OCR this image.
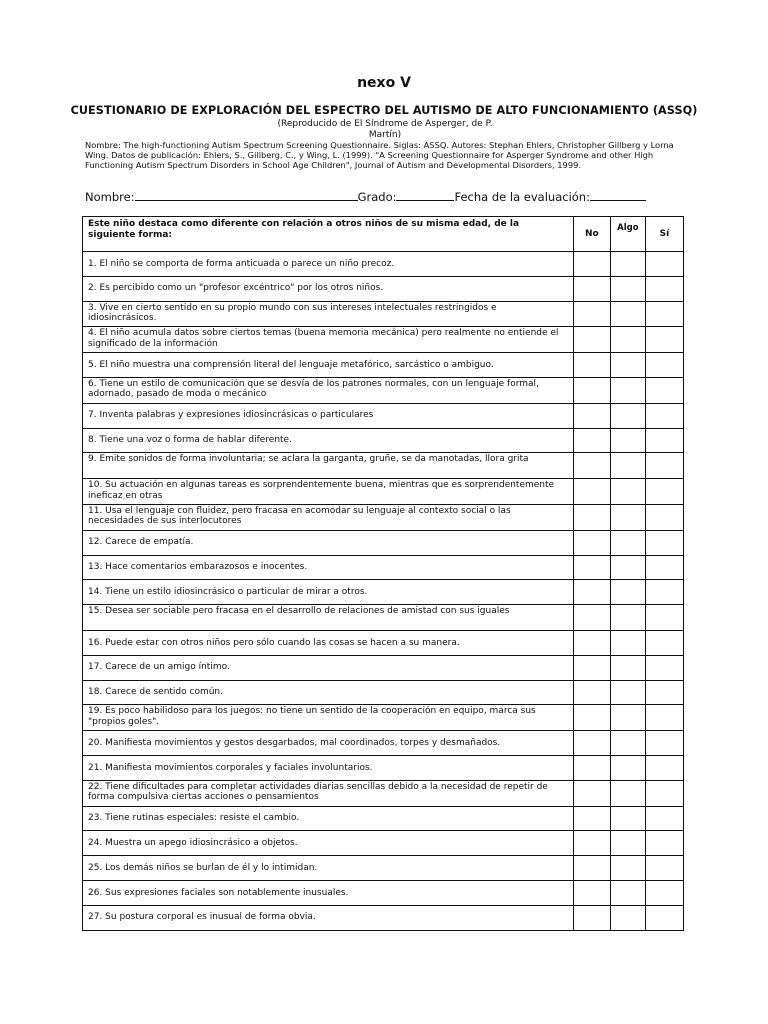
nexo V
CUESTIONARIO DE EXPLORACIÓN DEL ESPECTRO DEL AUTISMO DE ALTO FUNCIONAMIENTO (ASSQ)
(Reproducido de El Síndrome de Asperger, de P.
Martín)
Nombre: The high-functioning Autism Spectrum Screening Questionnaire. Siglas: ASSQ. Autores: Stephan Ehlers, Christopher Gillberg y Lorna Wing. Datos de publicación: Ehlers, S., Gillberg, C., y Wing, L. (1999). "A Screening Questionnaire for Asperger Syndrome and other High Functioning Autism Spectrum Disorders in School Age Children", Journal of Autism and Developmental Disorders, 1999.
Nombre:	Grado:	Fecha de la evaluación:
Este niño destaca como diferente con relación a otros niños de su misma edad, de la siguiente forma:	No	Algo	Sí
1. El niño se comporta de forma anticuada o parece un niño precoz.			
2. Es percibido como un "profesor excéntrico" por los otros niños.			
3. Vive en cierto sentido en su propio mundo con sus intereses intelectuales restringidos e idiosincrásicos.			
4. El niño acumula datos sobre ciertos temas (buena memoria mecánica) pero realmente no entiende el significado de la información			
5. El niño muestra una comprensión literal del lenguaje metafórico, sarcástico o ambiguo.			
6. Tiene un estilo de comunicación que se desvía de los patrones normales, con un lenguaje formal, adornado, pasado de moda o mecánico			
7. Inventa palabras y expresiones idiosincrásicas o particulares			
8. Tiene una voz o forma de hablar diferente.			
9. Emite sonidos de forma involuntaria; se aclara la garganta, gruñe, se da manotadas, llora grita			
10. Su actuación en algunas tareas es sorprendentemente buena, mientras que es sorprendentemente ineficaz en otras			
11. Usa el lenguaje con fluidez, pero fracasa en acomodar su lenguaje al contexto social o las necesidades de sus interlocutores			
12. Carece de empatía.			
13. Hace comentarios embarazosos e inocentes.			
14. Tiene un estilo idiosincrásico o particular de mirar a otros.			
15. Desea ser sociable pero fracasa en el desarrollo de relaciones de amistad con sus iguales			
16. Puede estar con otros niños pero sólo cuando las cosas se hacen a su manera.			
17. Carece de un amigo íntimo.			
18. Carece de sentido común.			
19. Es poco habilidoso para los juegos: no tiene un sentido de la cooperación en equipo, marca sus "propios goles".			
20. Manifiesta movimientos y gestos desgarbados, mal coordinados, torpes y desmañados.			
21. Manifiesta movimientos corporales y faciales involuntarios.			
22. Tiene dificultades para completar actividades diarias sencillas debido a la necesidad de repetir de forma compulsiva ciertas acciones o pensamientos			
23. Tiene rutinas especiales: resiste el cambio.			
24. Muestra un apego idiosincrásico a objetos.			
25. Los demás niños se burlan de él y lo intimidan.			
26. Sus expresiones faciales son notablemente inusuales.			
27. Su postura corporal es inusual de forma obvia.			
